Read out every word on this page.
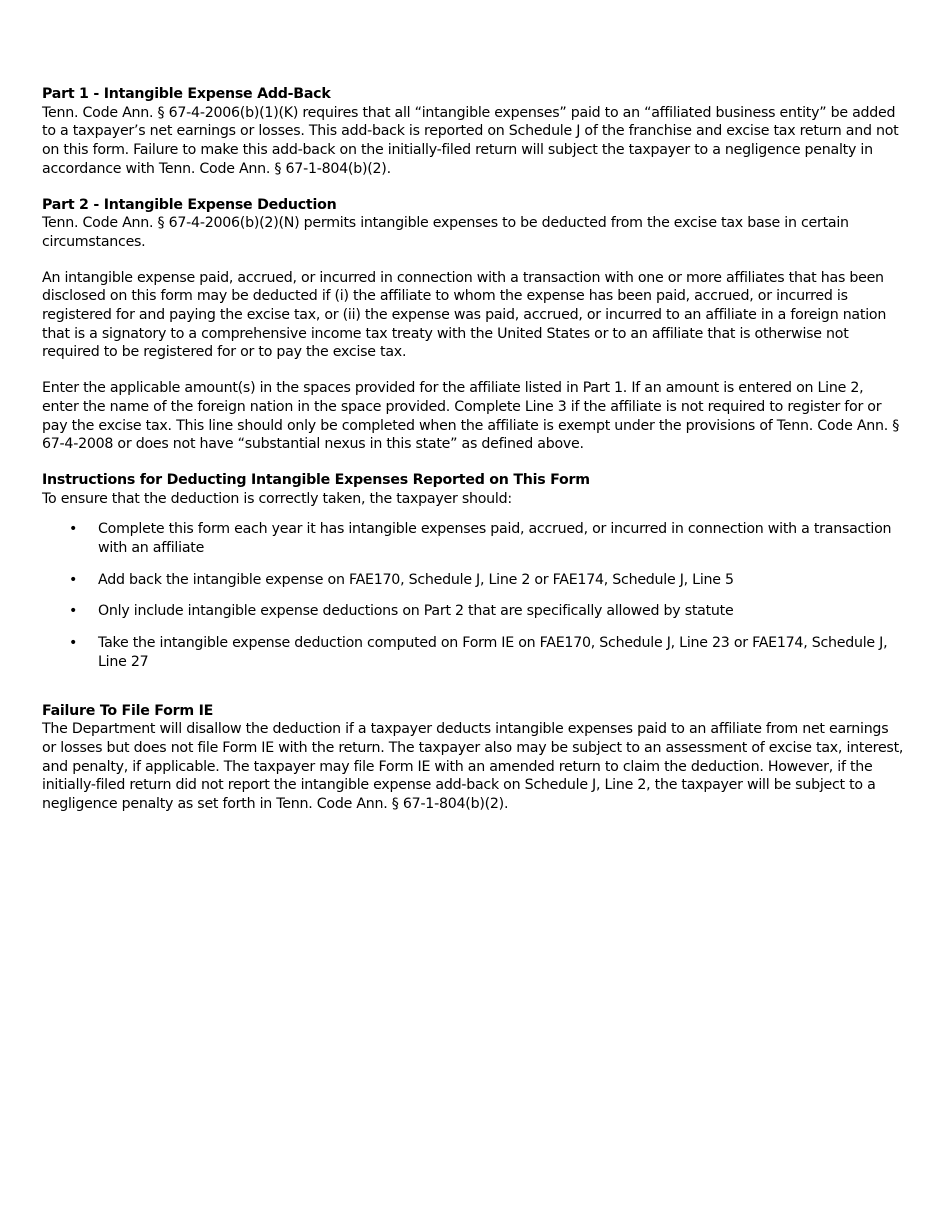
Part 1 - Intangible Expense Add-Back

Tenn. Code Ann. § 67-4-2006(b)(1)(K) requires that all “intangible expenses” paid to an “affiliated business entity” be added to a taxpayer’s net earnings or losses. This add-back is reported on Schedule J of the franchise and excise tax return and not on this form. Failure to make this add-back on the initially-filed return will subject the taxpayer to a negligence penalty in accordance with Tenn. Code Ann. § 67-1-804(b)(2).

Part 2 - Intangible Expense Deduction

Tenn. Code Ann. § 67-4-2006(b)(2)(N) permits intangible expenses to be deducted from the excise tax base in certain circumstances.

An intangible expense paid, accrued, or incurred in connection with a transaction with one or more affiliates that has been disclosed on this form may be deducted if (i) the affiliate to whom the expense has been paid, accrued, or incurred is registered for and paying the excise tax, or (ii) the expense was paid, accrued, or incurred to an affiliate in a foreign nation that is a signatory to a comprehensive income tax treaty with the United States or to an affiliate that is otherwise not required to be registered for or to pay the excise tax.

Enter the applicable amount(s) in the spaces provided for the affiliate listed in Part 1. If an amount is entered on Line 2, enter the name of the foreign nation in the space provided. Complete Line 3 if the affiliate is not required to register for or pay the excise tax. This line should only be completed when the affiliate is exempt under the provisions of Tenn. Code Ann. § 67-4-2008 or does not have “substantial nexus in this state” as defined above.

Instructions for Deducting Intangible Expenses Reported on This Form

To ensure that the deduction is correctly taken, the taxpayer should:

• Complete this form each year it has intangible expenses paid, accrued, or incurred in connection with a transaction with an affiliate
• Add back the intangible expense on FAE170, Schedule J, Line 2 or FAE174, Schedule J, Line 5
• Only include intangible expense deductions on Part 2 that are specifically allowed by statute
• Take the intangible expense deduction computed on Form IE on FAE170, Schedule J, Line 23 or FAE174, Schedule J, Line 27

Failure To File Form IE

The Department will disallow the deduction if a taxpayer deducts intangible expenses paid to an affiliate from net earnings or losses but does not file Form IE with the return. The taxpayer also may be subject to an assessment of excise tax, interest, and penalty, if applicable. The taxpayer may file Form IE with an amended return to claim the deduction. However, if the initially-filed return did not report the intangible expense add-back on Schedule J, Line 2, the taxpayer will be subject to a negligence penalty as set forth in Tenn. Code Ann. § 67-1-804(b)(2).
